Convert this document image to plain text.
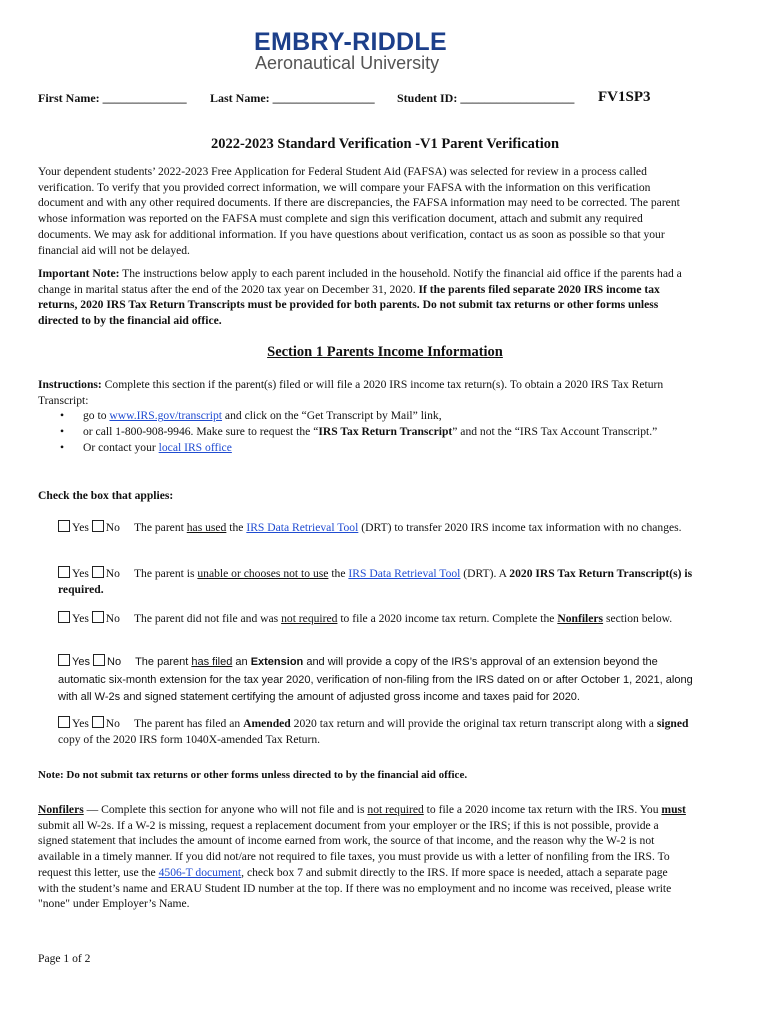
EMBRY-RIDDLE
Aeronautical University
First Name: ______________ Last Name: _________________ Student ID: ___________________ FV1SP3
2022-2023 Standard Verification -V1 Parent Verification
Your dependent students’ 2022-2023 Free Application for Federal Student Aid (FAFSA) was selected for review in a process called verification. To verify that you provided correct information, we will compare your FAFSA with the information on this verification document and with any other required documents. If there are discrepancies, the FAFSA information may need to be corrected. The parent whose information was reported on the FAFSA must complete and sign this verification document, attach and submit any required documents. We may ask for additional information. If you have questions about verification, contact us as soon as possible so that your financial aid will not be delayed.
Important Note: The instructions below apply to each parent included in the household. Notify the financial aid office if the parents had a change in marital status after the end of the 2020 tax year on December 31, 2020. If the parents filed separate 2020 IRS income tax returns, 2020 IRS Tax Return Transcripts must be provided for both parents. Do not submit tax returns or other forms unless directed to by the financial aid office.
Section 1 Parents Income Information
Instructions: Complete this section if the parent(s) filed or will file a 2020 IRS income tax return(s). To obtain a 2020 IRS Tax Return Transcript:
• go to www.IRS.gov/transcript and click on the “Get Transcript by Mail” link,
• or call 1-800-908-9946. Make sure to request the “IRS Tax Return Transcript” and not the “IRS Tax Account Transcript.”
• Or contact your local IRS office
Check the box that applies:
Yes No The parent has used the IRS Data Retrieval Tool (DRT) to transfer 2020 IRS income tax information with no changes.
Yes No The parent is unable or chooses not to use the IRS Data Retrieval Tool (DRT). A 2020 IRS Tax Return Transcript(s) is required.
Yes No The parent did not file and was not required to file a 2020 income tax return. Complete the Nonfilers section below.
Yes No The parent has filed an Extension and will provide a copy of the IRS’s approval of an extension beyond the automatic six-month extension for the tax year 2020, verification of non-filing from the IRS dated on or after October 1, 2021, along with all W-2s and signed statement certifying the amount of adjusted gross income and taxes paid for 2020.
Yes No The parent has filed an Amended 2020 tax return and will provide the original tax return transcript along with a signed copy of the 2020 IRS form 1040X-amended Tax Return.
Note: Do not submit tax returns or other forms unless directed to by the financial aid office.
Nonfilers — Complete this section for anyone who will not file and is not required to file a 2020 income tax return with the IRS. You must submit all W-2s. If a W-2 is missing, request a replacement document from your employer or the IRS; if this is not possible, provide a signed statement that includes the amount of income earned from work, the source of that income, and the reason why the W-2 is not available in a timely manner. If you did not/are not required to file taxes, you must provide us with a letter of nonfiling from the IRS. To request this letter, use the 4506-T document, check box 7 and submit directly to the IRS. If more space is needed, attach a separate page with the student’s name and ERAU Student ID number at the top. If there was no employment and no income was received, please write "none" under Employer’s Name.
Page 1 of 2
